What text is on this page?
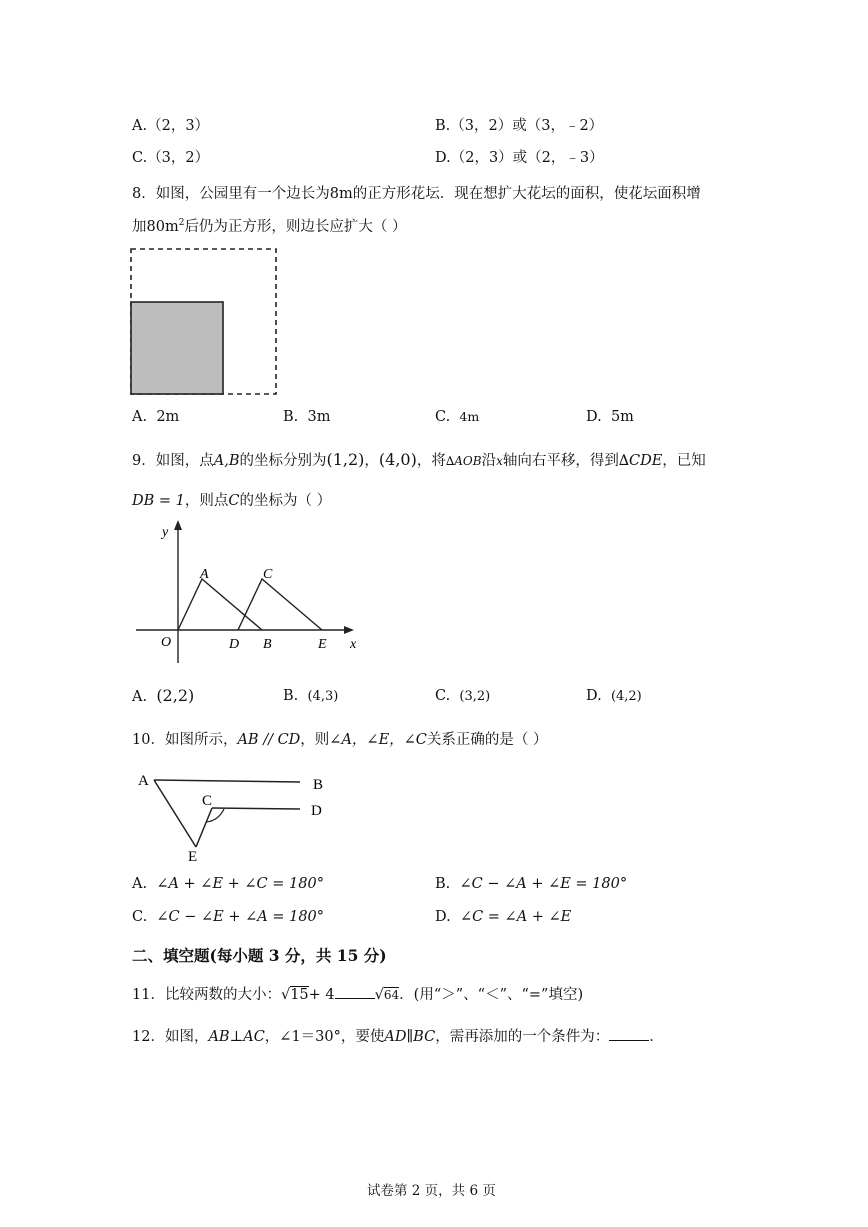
A.（2，3）	B.（3，2）或（3，﹣2）
C.（3，2）	D.（2，3）或（2，﹣3）
8．如图，公园里有一个边长为8m的正方形花坛．现在想扩大花坛的面积，使花坛面积增
加$80m^2$后仍为正方形，则边长应扩大（ ）
A. 2m	B. 3m	C. 4m	D. 5m
9．如图，点A,B的坐标分别为(1,2)，(4,0)，将∆AOB沿x轴向右平移，得到∆CDE，已知
DB = 1，则点C的坐标为（ ）
y
x
O
A
B
C
D	E
A. (2,2)	B. (4,3)	C. (3,2)	D. (4,2)
10．如图所示，AB // CD，则∠A，∠E，∠C关系正确的是（ ）
A	B
C
D
E
A. ∠A + ∠E + ∠C = 180°	B. ∠C − ∠A + ∠E = 180°
C. ∠C − ∠E + ∠A = 180°	D. ∠C = ∠A + ∠E
二、填空题(每小题 3 分，共 15 分)
11．比较两数的大小：√15+ 4	√64．(用“＞”、“＜”、“=”填空)
12．如图，AB⊥AC，∠1＝30°，要使AD∥BC，需再添加的一个条件为：	．
试卷第 2 页，共 6 页
